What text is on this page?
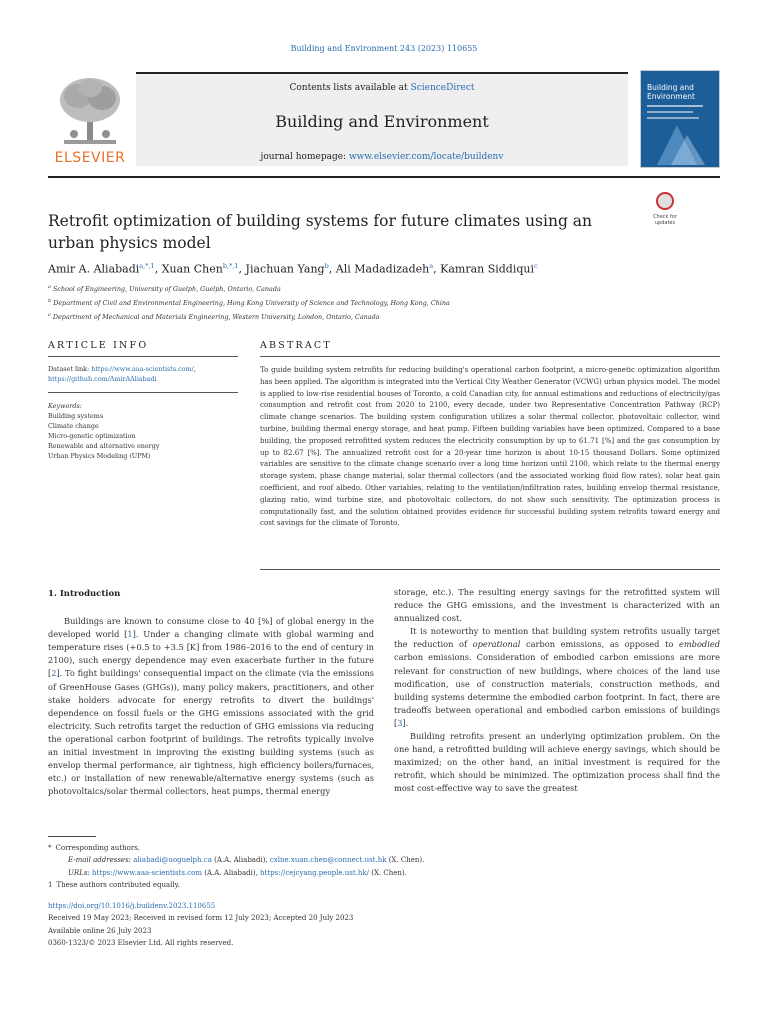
Building and Environment 243 (2023) 110655
ELSEVIER
Contents lists available at ScienceDirect
Building and Environment
journal homepage: www.elsevier.com/locate/buildenv
Building and
Environment
Retrofit optimization of building systems for future climates using an urban physics model
Check for
updates
Amir A. Aliabadi$^{a,*,1}$, Xuan Chen$^{b,*,1}$, Jiachuan Yang$^b$, Ali Madadizadeh$^a$, Kamran Siddiqui$^c$
$^a$ School of Engineering, University of Guelph, Guelph, Ontario, Canada
$^b$ Department of Civil and Environmental Engineering, Hong Kong University of Science and Technology, Hong Kong, China
$^c$ Department of Mechanical and Materials Engineering, Western University, London, Ontario, Canada
ARTICLE INFO	ABSTRACT
Dataset link: https://www.aaa-scientists.com/,
https://github.com/AmirAAliabadi
Keywords:
Building systems
Climate change
Micro-genetic optimization
Renewable and alternative energy
Urban Physics Modeling (UPM)
To guide building system retrofits for reducing building's operational carbon footprint, a micro-genetic optimization algorithm has been applied. The algorithm is integrated into the Vertical City Weather Generator (VCWG) urban physics model. The model is applied to low-rise residential houses of Toronto, a cold Canadian city, for annual estimations and reductions of electricity/gas consumption and retrofit cost from 2020 to 2100, every decade, under two Representative Concentration Pathway (RCP) climate change scenarios. The building system configuration utilizes a solar thermal collector, photovoltaic collector, wind turbine, building thermal energy storage, and heat pump. Fifteen building variables have been optimized. Compared to a base building, the proposed retrofitted system reduces the electricity consumption by up to 61.71 [%] and the gas consumption by up to 82.67 [%]. The annualized retrofit cost for a 20-year time horizon is about 10-15 thousand Dollars. Some optimized variables are sensitive to the climate change scenario over a long time horizon until 2100, which relate to the thermal energy storage system, phase change material, solar thermal collectors (and the associated working fluid flow rates), solar heat gain coefficient, and roof albedo. Other variables, relating to the ventilation/infiltration rates, building envelop thermal resistance, glazing ratio, wind turbine size, and photovoltaic collectors, do not show such sensitivity. The optimization process is computationally fast, and the solution obtained provides evidence for successful building system retrofits toward energy and cost savings for the climate of Toronto.
1. Introduction

Buildings are known to consume close to 40 [%] of global energy in the developed world [1]. Under a changing climate with global warming and temperature rises (+0.5 to +3.5 [K] from 1986–2016 to the end of century in 2100), such energy dependence may even exacerbate further in the future [2]. To fight buildings' consequential impact on the climate (via the emissions of GreenHouse Gases (GHGs)), many policy makers, practitioners, and other stake holders advocate for energy retrofits to divert the buildings' dependence on fossil fuels or the GHG emissions associated with the grid electricity. Such retrofits target the reduction of GHG emissions via reducing the operational carbon footprint of buildings. The retrofits typically involve an initial investment in improving the existing building systems (such as envelop thermal performance, air tightness, high efficiency boilers/furnaces, etc.) or installation of new renewable/alternative energy systems (such as photovoltaics/solar thermal collectors, heat pumps, thermal energy

storage, etc.). The resulting energy savings for the retrofitted system will reduce the GHG emissions, and the investment is characterized with an annualized cost.

It is noteworthy to mention that building system retrofits usually target the reduction of operational carbon emissions, as opposed to embodied carbon emissions. Consideration of embodied carbon emissions are more relevant for construction of new buildings, where choices of the land use modification, use of construction materials, construction methods, and building systems determine the embodied carbon footprint. In fact, there are tradeoffs between operational and embodied carbon emissions of buildings [3].

Building retrofits present an underlying optimization problem. On the one hand, a retrofitted building will achieve energy savings, which should be maximized; on the other hand, an initial investment is required for the retrofit, which should be minimized. The optimization process shall find the most cost-effective way to save the greatest

* Corresponding authors.
E-mail addresses: aliabadi@uoguelph.ca (A.A. Aliabadi), cxlne.xuan.chen@connect.ust.hk (X. Chen).
URLs: https://www.aaa-scientists.com (A.A. Aliabadi), https://cejcyang.people.ust.hk/ (X. Chen).
1 These authors contributed equally.
https://doi.org/10.1016/j.buildenv.2023.110655
Received 19 May 2023; Received in revised form 12 July 2023; Accepted 20 July 2023
Available online 26 July 2023
0360-1323/© 2023 Elsevier Ltd. All rights reserved.
